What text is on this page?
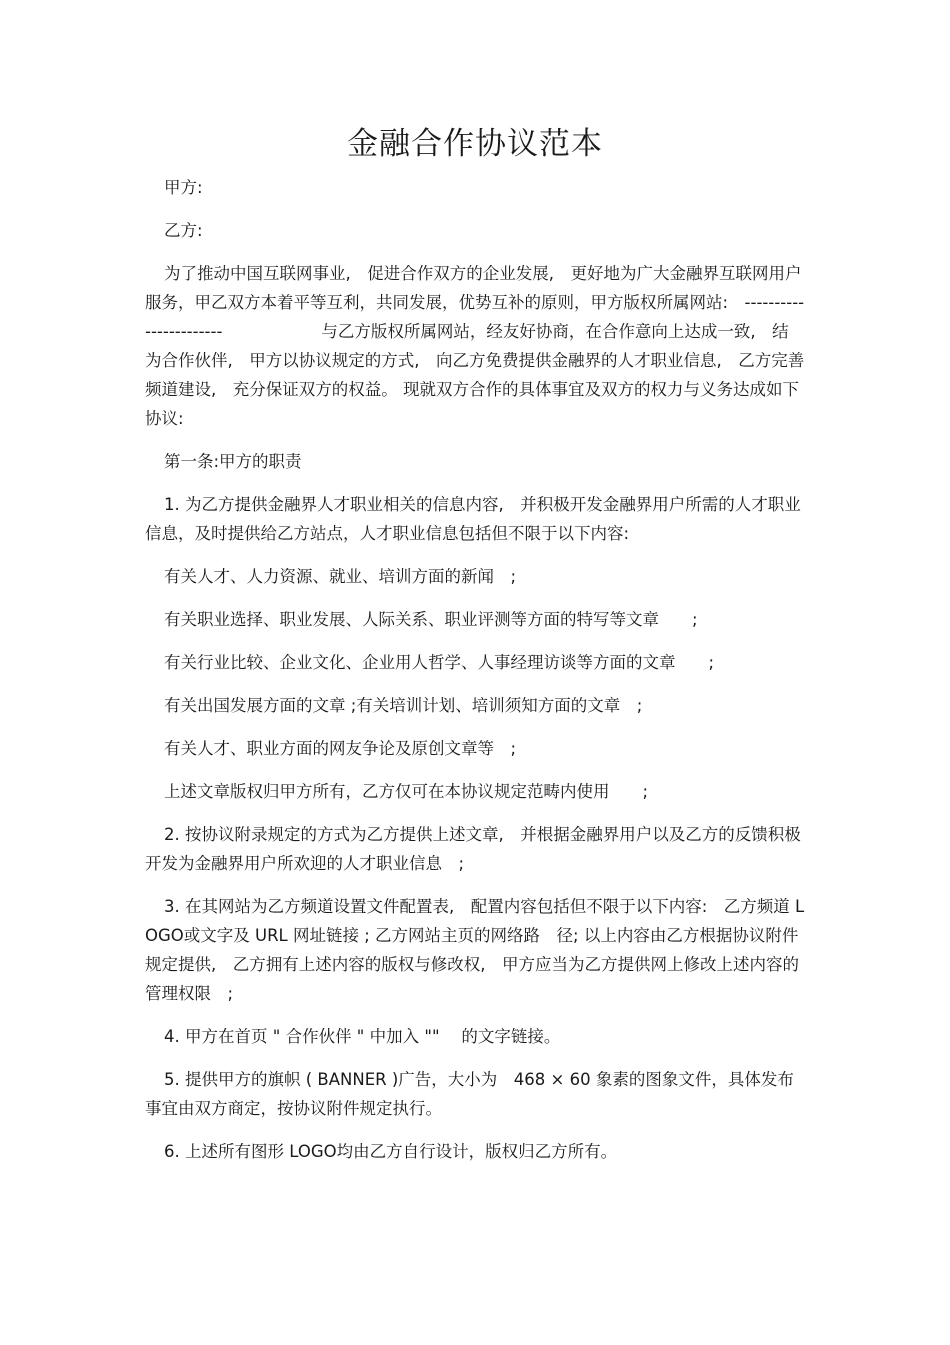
金融合作协议范本

甲方:

乙方:

为了推动中国互联网事业,　促进合作双方的企业发展,　更好地为广大金融界互联网用户服务，甲乙双方本着平等互利，共同发展，优势互补的原则，甲方版权所属网站:　-----------------------　　　　　　与乙方版权所属网站，经友好协商，在合作意向上达成一致,　结为合作伙伴,　甲方以协议规定的方式,　向乙方免费提供金融界的人才职业信息,　乙方完善频道建设,　充分保证双方的权益。 现就双方合作的具体事宜及双方的权力与义务达成如下协议:

第一条:甲方的职责

1. 为乙方提供金融界人才职业相关的信息内容,　并积极开发金融界用户所需的人才职业信息，及时提供给乙方站点，人才职业信息包括但不限于以下内容:

有关人才、人力资源、就业、培训方面的新闻　;

有关职业选择、职业发展、人际关系、职业评测等方面的特写等文章　　;

有关行业比较、企业文化、企业用人哲学、人事经理访谈等方面的文章　　;

有关出国发展方面的文章 ;有关培训计划、培训须知方面的文章　;

有关人才、职业方面的网友争论及原创文章等　;

上述文章版权归甲方所有，乙方仅可在本协议规定范畴内使用　　;

2. 按协议附录规定的方式为乙方提供上述文章,　并根据金融界用户以及乙方的反馈积极开发为金融界用户所欢迎的人才职业信息　;

3. 在其网站为乙方频道设置文件配置表,　配置内容包括但不限于以下内容:　乙方频道 LOGO或文字及 URL 网址链接 ; 乙方网站主页的网络路　径; 以上内容由乙方根据协议附件规定提供,　乙方拥有上述内容的版权与修改权,　甲方应当为乙方提供网上修改上述内容的管理权限　;

4. 甲方在首页 " 合作伙伴 " 中加入 "" 　的文字链接。

5. 提供甲方的旗帜 ( BANNER )广告，大小为　468 × 60 象素的图象文件，具体发布事宜由双方商定，按协议附件规定执行。

6. 上述所有图形 LOGO均由乙方自行设计，版权归乙方所有。
